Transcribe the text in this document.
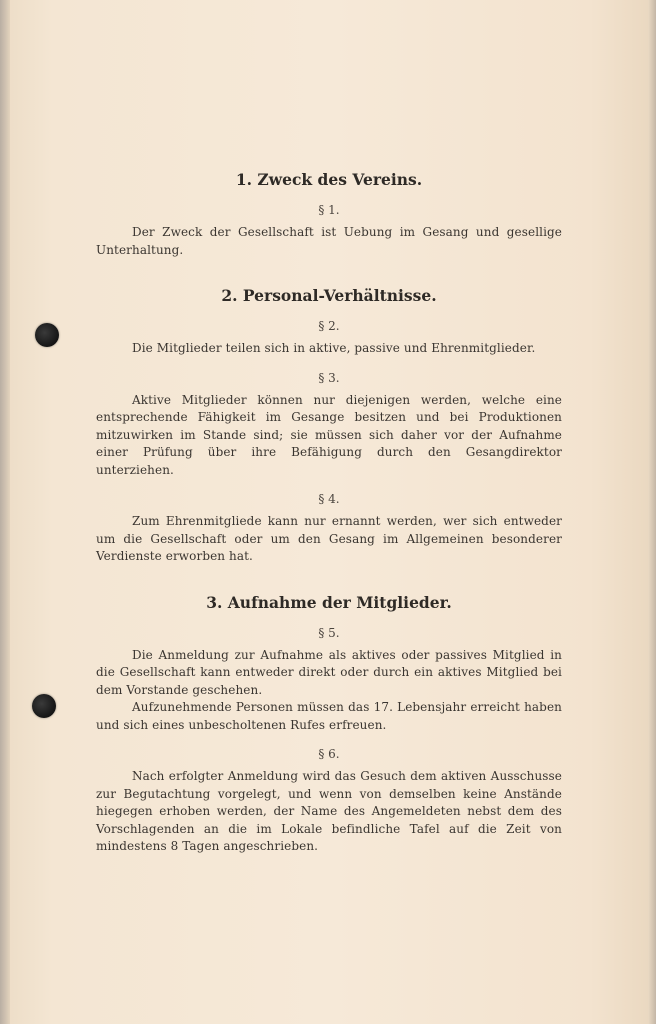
1. Zweck des Vereins.
§ 1.

Der Zweck der Gesellschaft ist Uebung im Gesang und gesellige Unterhaltung.

2. Personal-Verhältnisse.
§ 2.

Die Mitglieder teilen sich in aktive, passive und Ehrenmitglieder.

§ 3.

Aktive Mitglieder können nur diejenigen werden, welche eine entsprechende Fähigkeit im Gesange besitzen und bei Produktionen mitzuwirken im Stande sind; sie müssen sich daher vor der Aufnahme einer Prüfung über ihre Befähigung durch den Gesangdirektor unterziehen.

§ 4.

Zum Ehrenmitgliede kann nur ernannt werden, wer sich entweder um die Gesellschaft oder um den Gesang im Allgemeinen besonderer Verdienste erworben hat.

3. Aufnahme der Mitglieder.
§ 5.

Die Anmeldung zur Aufnahme als aktives oder passives Mitglied in die Gesellschaft kann entweder direkt oder durch ein aktives Mitglied bei dem Vorstande geschehen.

Aufzunehmende Personen müssen das 17. Lebensjahr erreicht haben und sich eines unbescholtenen Rufes erfreuen.

§ 6.

Nach erfolgter Anmeldung wird das Gesuch dem aktiven Ausschusse zur Begutachtung vorgelegt, und wenn von demselben keine Anstände hiegegen erhoben werden, der Name des Angemeldeten nebst dem des Vorschlagenden an die im Lokale befindliche Tafel auf die Zeit von mindestens 8 Tagen angeschrieben.
